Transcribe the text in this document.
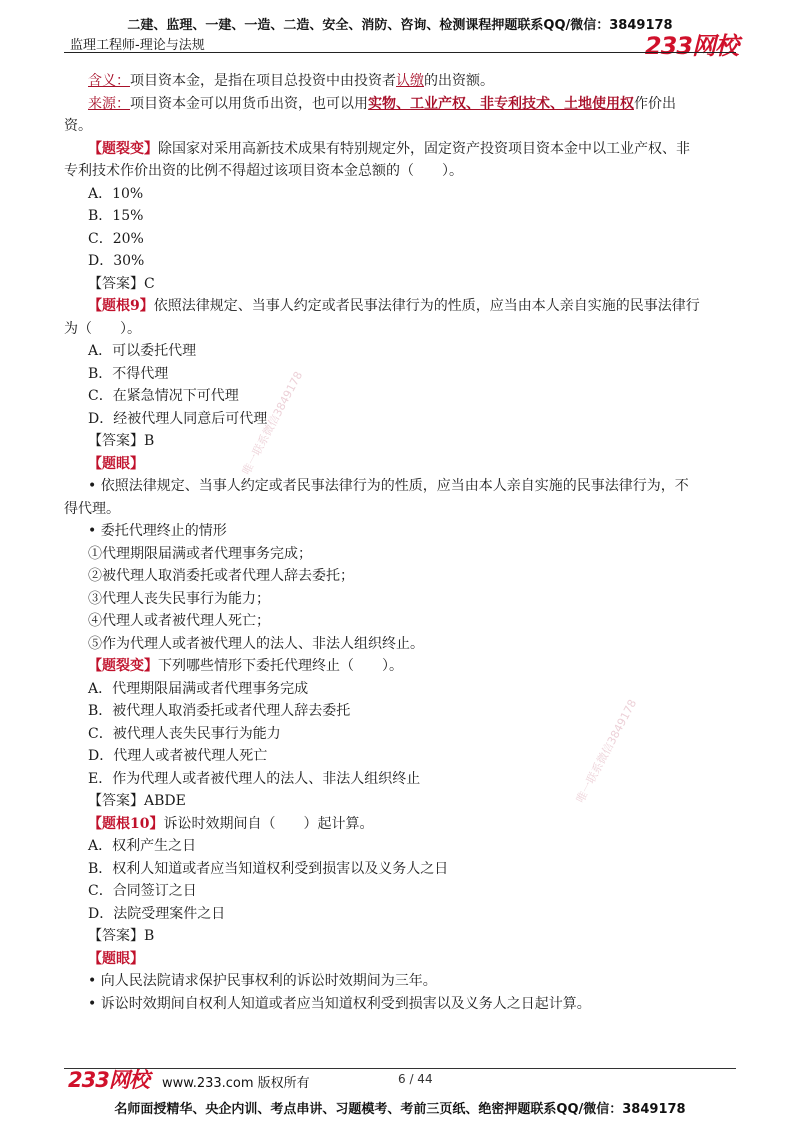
二建、监理、一建、一造、二造、安全、消防、咨询、检测课程押题联系QQ/微信：3849178
监理工程师-理论与法规	233网校
唯一联系微信3849178
唯一联系微信3849178
含义：项目资本金，是指在项目总投资中由投资者认缴的出资额。
来源：项目资本金可以用货币出资，也可以用实物、工业产权、非专利技术、土地使用权作价出
资。
【题裂变】除国家对采用高新技术成果有特别规定外，固定资产投资项目资本金中以工业产权、非
专利技术作价出资的比例不得超过该项目资本金总额的（　　）。
A．10%
B．15%
C．20%
D．30%
【答案】C
【题根9】依照法律规定、当事人约定或者民事法律行为的性质，应当由本人亲自实施的民事法律行
为（　　）。
A．可以委托代理
B．不得代理
C．在紧急情况下可代理
D．经被代理人同意后可代理
【答案】B
【题眼】
• 依照法律规定、当事人约定或者民事法律行为的性质，应当由本人亲自实施的民事法律行为，不
得代理。
• 委托代理终止的情形
①代理期限届满或者代理事务完成；
②被代理人取消委托或者代理人辞去委托；
③代理人丧失民事行为能力；
④代理人或者被代理人死亡；
⑤作为代理人或者被代理人的法人、非法人组织终止。
【题裂变】下列哪些情形下委托代理终止（　　）。
A．代理期限届满或者代理事务完成
B．被代理人取消委托或者代理人辞去委托
C．被代理人丧失民事行为能力
D．代理人或者被代理人死亡
E．作为代理人或者被代理人的法人、非法人组织终止
【答案】ABDE
【题根10】诉讼时效期间自（　　）起计算。
A．权利产生之日
B．权利人知道或者应当知道权利受到损害以及义务人之日
C．合同签订之日
D．法院受理案件之日
【答案】B
【题眼】
• 向人民法院请求保护民事权利的诉讼时效期间为三年。
• 诉讼时效期间自权利人知道或者应当知道权利受到损害以及义务人之日起计算。
233网校 www.233.com 版权所有	6 / 44
名师面授精华、央企内训、考点串讲、习题模考、考前三页纸、绝密押题联系QQ/微信：3849178
